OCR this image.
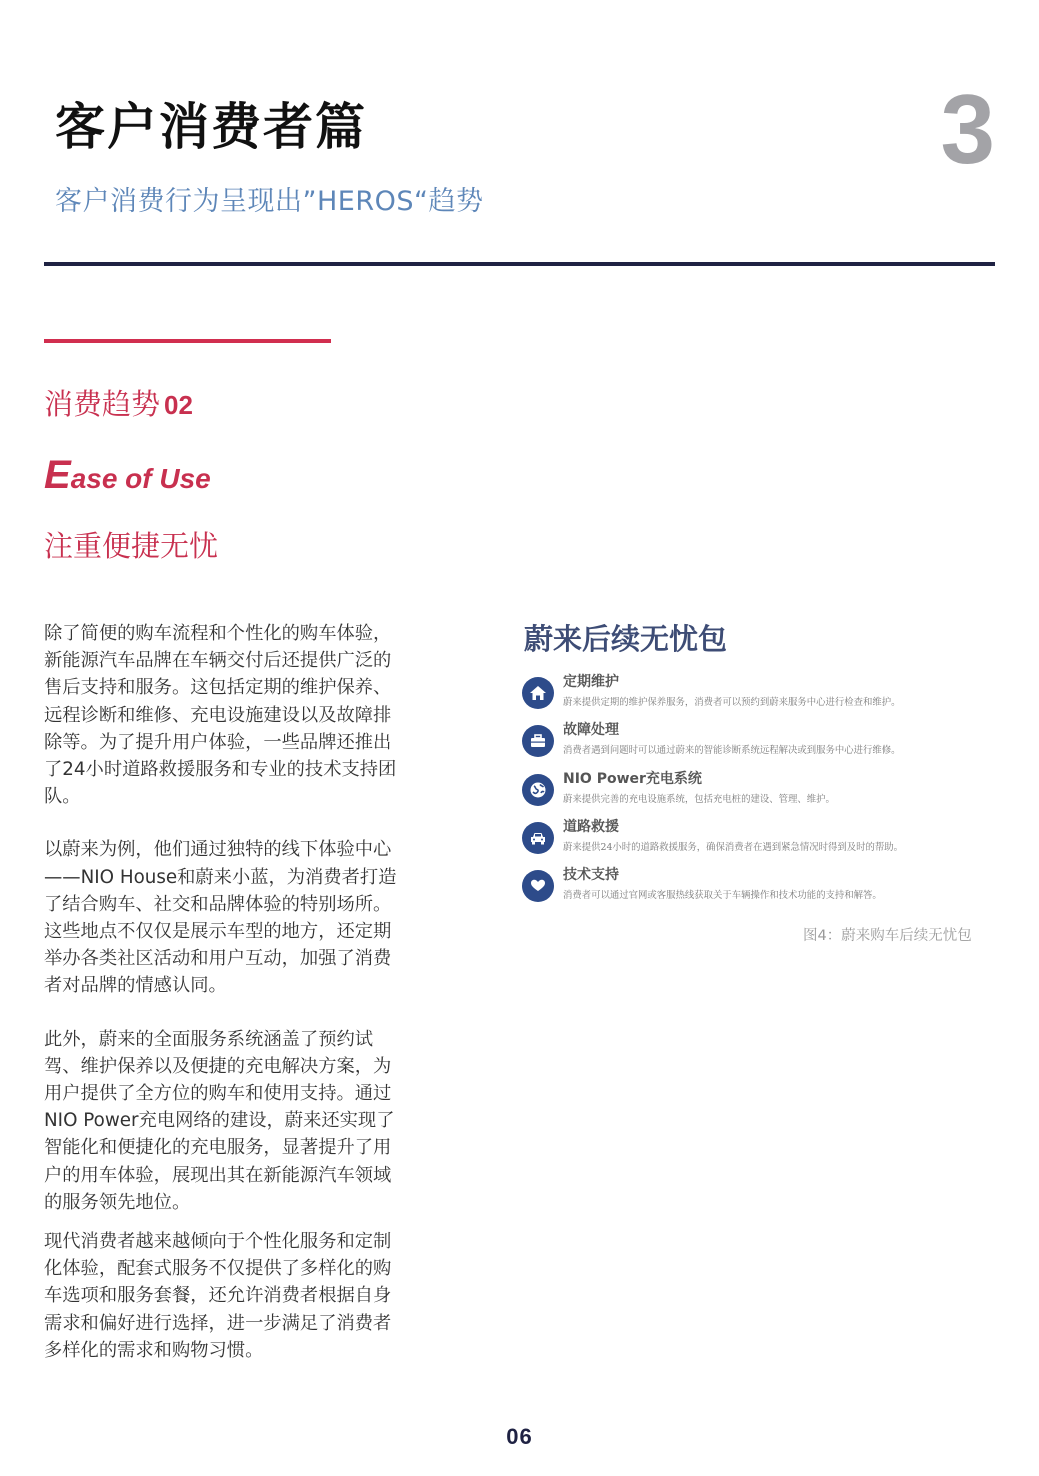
客户消费者篇	3
客户消费行为呈现出”HEROS“趋势
消费趋势 02
Ease of Use
注重便捷无忧

除了简便的购车流程和个性化的购车体验，新能源汽车品牌在车辆交付后还提供广泛的售后支持和服务。这包括定期的维护保养、远程诊断和维修、充电设施建设以及故障排除等。为了提升用户体验，一些品牌还推出了24小时道路救援服务和专业的技术支持团队。

以蔚来为例，他们通过独特的线下体验中心——NIO House和蔚来小蓝，为消费者打造了结合购车、社交和品牌体验的特别场所。这些地点不仅仅是展示车型的地方，还定期举办各类社区活动和用户互动，加强了消费者对品牌的情感认同。

此外，蔚来的全面服务系统涵盖了预约试驾、维护保养以及便捷的充电解决方案，为用户提供了全方位的购车和使用支持。通过NIO Power充电网络的建设，蔚来还实现了智能化和便捷化的充电服务，显著提升了用户的用车体验，展现出其在新能源汽车领域的服务领先地位。

现代消费者越来越倾向于个性化服务和定制化体验，配套式服务不仅提供了多样化的购车选项和服务套餐，还允许消费者根据自身需求和偏好进行选择，进一步满足了消费者多样化的需求和购物习惯。

蔚来后续无忧包
定期维护
蔚来提供定期的维护保养服务，消费者可以预约到蔚来服务中心进行检查和维护。
故障处理
消费者遇到问题时可以通过蔚来的智能诊断系统远程解决或到服务中心进行维修。
NIO Power充电系统
蔚来提供完善的充电设施系统，包括充电桩的建设、管理、维护。
道路救援
蔚来提供24小时的道路救援服务，确保消费者在遇到紧急情况时得到及时的帮助。
技术支持
消费者可以通过官网或客服热线获取关于车辆操作和技术功能的支持和解答。
图4：蔚来购车后续无忧包
06
